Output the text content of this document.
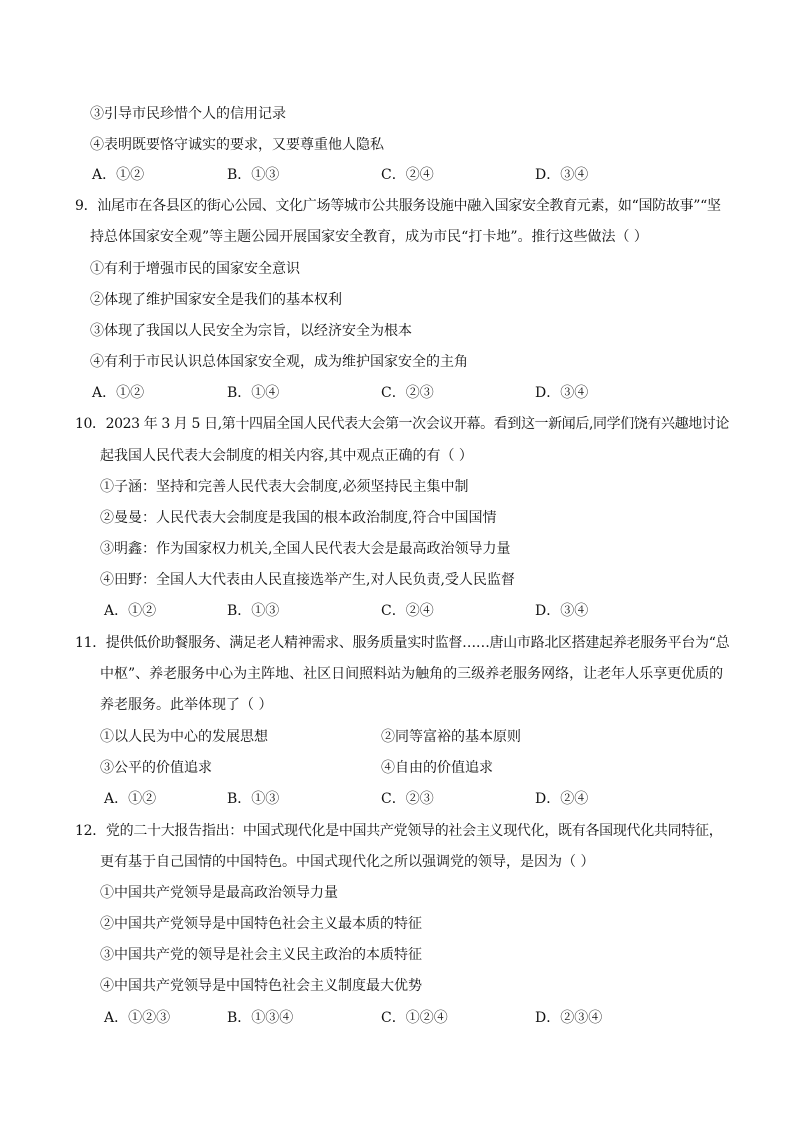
③引导市民珍惜个人的信用记录
④表明既要恪守诚实的要求，又要尊重他人隐私
A．①②	B．①③	C．②④	D．③④
9．汕尾市在各县区的街心公园、文化广场等城市公共服务设施中融入国家安全教育元素，如“国防故事”“坚
持总体国家安全观”等主题公园开展国家安全教育，成为市民“打卡地”。推行这些做法（ ）
①有利于增强市民的国家安全意识
②体现了维护国家安全是我们的基本权利
③体现了我国以人民安全为宗旨，以经济安全为根本
④有利于市民认识总体国家安全观，成为维护国家安全的主角
A．①②	B．①④	C．②③	D．③④
10．2023 年 3 月 5 日,第十四届全国人民代表大会第一次会议开幕。看到这一新闻后,同学们饶有兴趣地讨论
起我国人民代表大会制度的相关内容,其中观点正确的有（ ）
①子涵：坚持和完善人民代表大会制度,必须坚持民主集中制
②曼曼：人民代表大会制度是我国的根本政治制度,符合中国国情
③明鑫：作为国家权力机关,全国人民代表大会是最高政治领导力量
④田野：全国人大代表由人民直接选举产生,对人民负责,受人民监督
A．①②	B．①③	C．②④	D．③④
11．提供低价助餐服务、满足老人精神需求、服务质量实时监督……唐山市路北区搭建起养老服务平台为“总
中枢”、养老服务中心为主阵地、社区日间照料站为触角的三级养老服务网络，让老年人乐享更优质的
养老服务。此举体现了（ ）
①以人民为中心的发展思想	②同等富裕的基本原则
③公平的价值追求	④自由的价值追求
A．①②	B．①③	C．②③	D．②④
12．党的二十大报告指出：中国式现代化是中国共产党领导的社会主义现代化，既有各国现代化共同特征，
更有基于自己国情的中国特色。中国式现代化之所以强调党的领导，是因为（ ）
①中国共产党领导是最高政治领导力量
②中国共产党领导是中国特色社会主义最本质的特征
③中国共产党的领导是社会主义民主政治的本质特征
④中国共产党领导是中国特色社会主义制度最大优势
A．①②③	B．①③④	C．①②④	D．②③④
